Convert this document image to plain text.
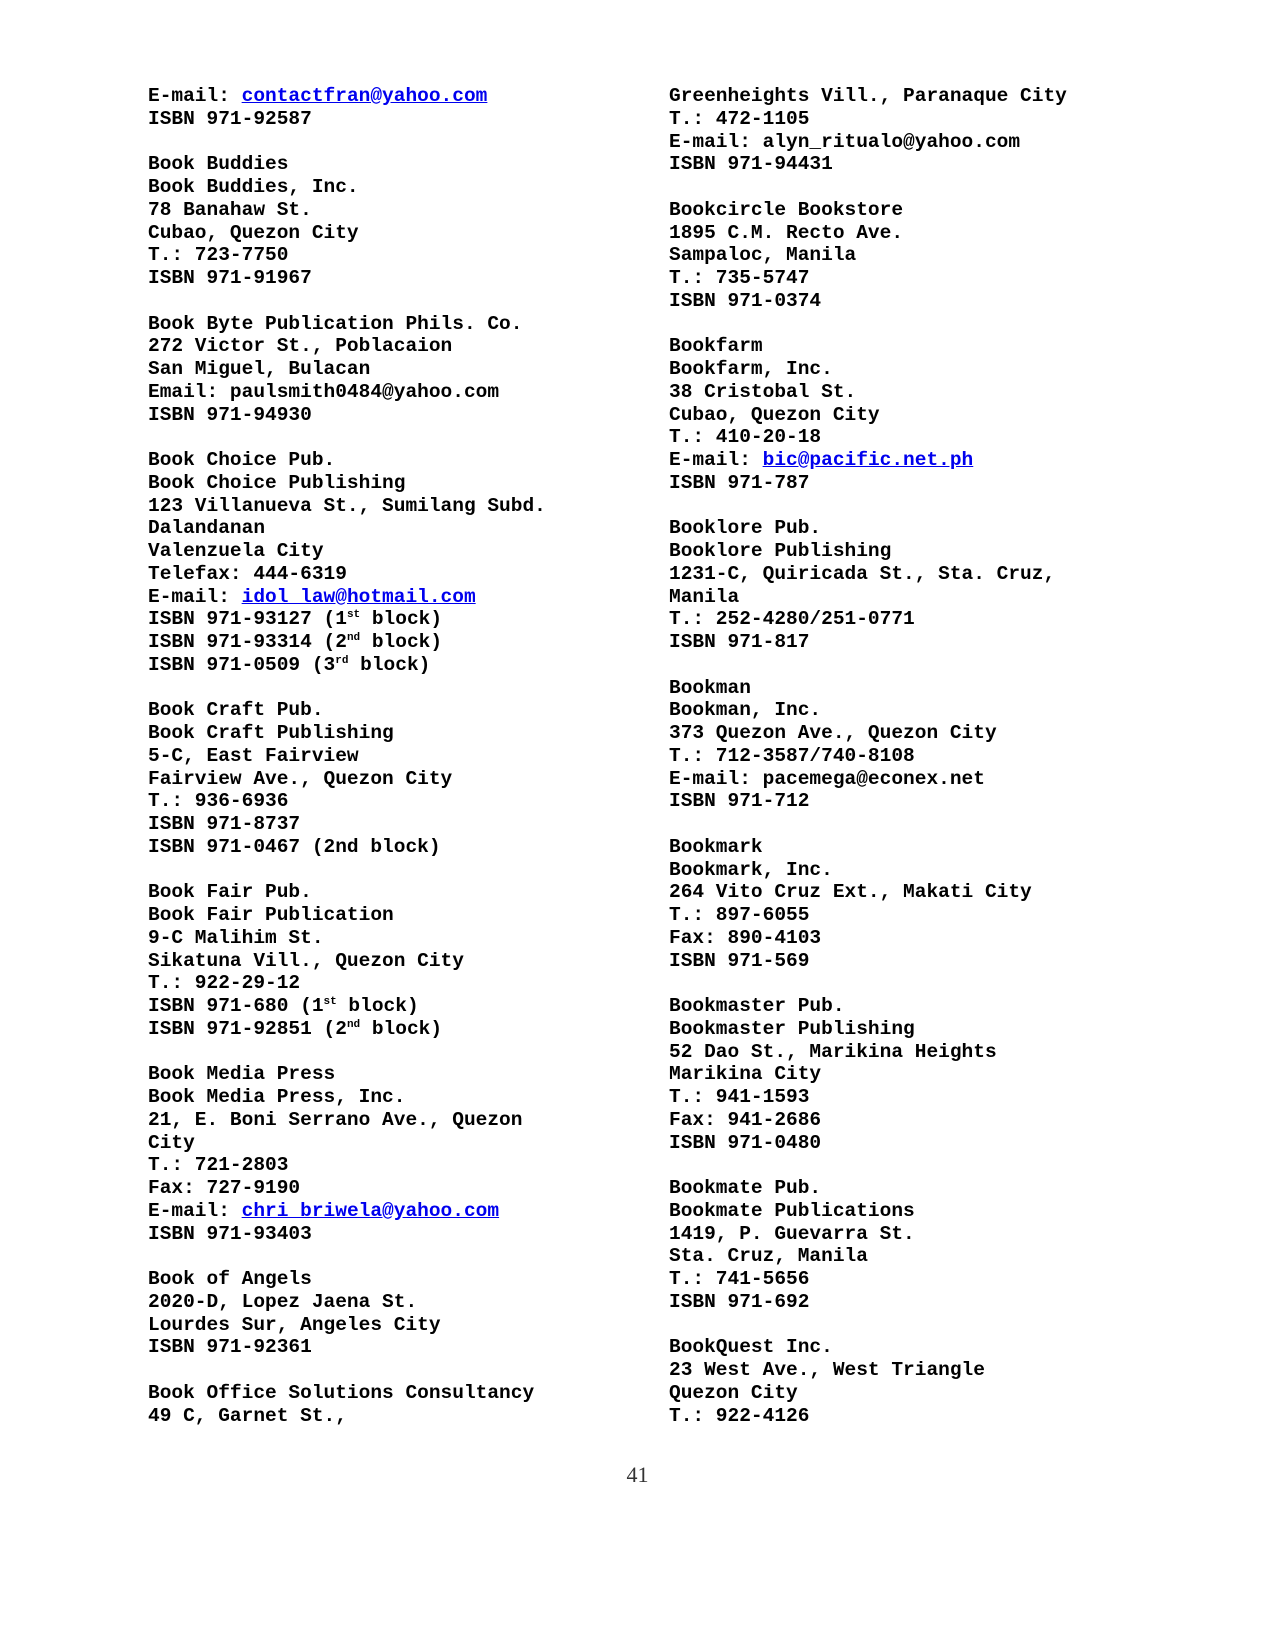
E-mail: contactfran@yahoo.com
ISBN 971-92587
Book Buddies
Book Buddies, Inc.
78 Banahaw St.
Cubao, Quezon City
T.: 723-7750
ISBN 971-91967
Book Byte Publication Phils. Co.
272 Victor St., Poblacaion
San Miguel, Bulacan
Email: paulsmith0484@yahoo.com
ISBN 971-94930
Book Choice Pub.
Book Choice Publishing
123 Villanueva St., Sumilang Subd.
Dalandanan
Valenzuela City
Telefax: 444-6319
E-mail: idol_law@hotmail.com
ISBN 971-93127 (1st block)
ISBN 971-93314 (2nd block)
ISBN 971-0509 (3rd block)
Book Craft Pub.
Book Craft Publishing
5-C, East Fairview
Fairview Ave., Quezon City
T.: 936-6936
ISBN 971-8737
ISBN 971-0467 (2nd block)
Book Fair Pub.
Book Fair Publication
9-C Malihim St.
Sikatuna Vill., Quezon City
T.: 922-29-12
ISBN 971-680 (1st block)
ISBN 971-92851 (2nd block)
Book Media Press
Book Media Press, Inc.
21, E. Boni Serrano Ave., Quezon
City
T.: 721-2803
Fax: 727-9190
E-mail: chri_briwela@yahoo.com
ISBN 971-93403
Book of Angels
2020-D, Lopez Jaena St.
Lourdes Sur, Angeles City
ISBN 971-92361
Book Office Solutions Consultancy
49 C, Garnet St.,
Greenheights Vill., Paranaque City
T.: 472-1105
E-mail: alyn_ritualo@yahoo.com
ISBN 971-94431
Bookcircle Bookstore
1895 C.M. Recto Ave.
Sampaloc, Manila
T.: 735-5747
ISBN 971-0374
Bookfarm
Bookfarm, Inc.
38 Cristobal St.
Cubao, Quezon City
T.: 410-20-18
E-mail: bic@pacific.net.ph
ISBN 971-787
Booklore Pub.
Booklore Publishing
1231-C, Quiricada St., Sta. Cruz,
Manila
T.: 252-4280/251-0771
ISBN 971-817
Bookman
Bookman, Inc.
373 Quezon Ave., Quezon City
T.: 712-3587/740-8108
E-mail: pacemega@econex.net
ISBN 971-712
Bookmark
Bookmark, Inc.
264 Vito Cruz Ext., Makati City
T.: 897-6055
Fax: 890-4103
ISBN 971-569
Bookmaster Pub.
Bookmaster Publishing
52 Dao St., Marikina Heights
Marikina City
T.: 941-1593
Fax: 941-2686
ISBN 971-0480
Bookmate Pub.
Bookmate Publications
1419, P. Guevarra St.
Sta. Cruz, Manila
T.: 741-5656
ISBN 971-692
BookQuest Inc.
23 West Ave., West Triangle
Quezon City
T.: 922-4126
41
